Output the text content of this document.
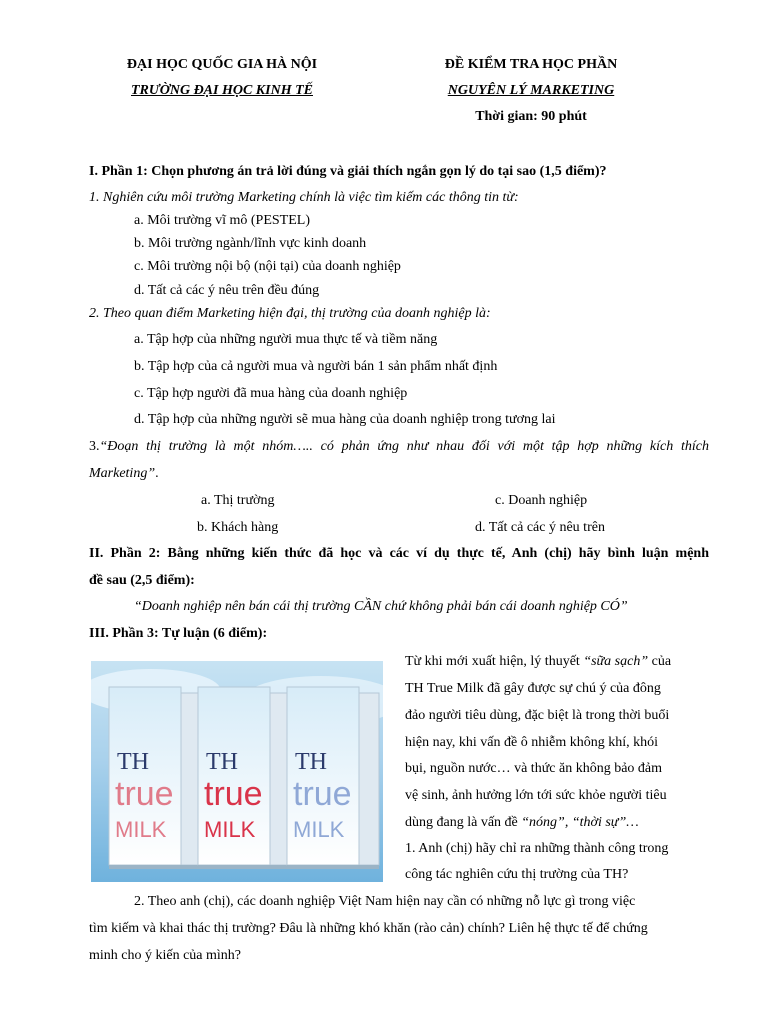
ĐẠI HỌC QUỐC GIA HÀ NỘI
TRƯỜNG ĐẠI HỌC KINH TẾ
ĐỀ KIỂM TRA HỌC PHẦN
NGUYÊN LÝ MARKETING
Thời gian: 90 phút
I. Phần 1: Chọn phương án trả lời đúng và giải thích ngắn gọn lý do tại sao (1,5 điểm)?
1. Nghiên cứu môi trường Marketing chính là việc tìm kiếm các thông tin từ:
a. Môi trường vĩ mô (PESTEL)
b. Môi trường ngành/lĩnh vực kinh doanh
c. Môi trường nội bộ (nội tại) của doanh nghiệp
d. Tất cả các ý nêu trên đều đúng
2. Theo quan điểm Marketing hiện đại, thị trường của doanh nghiệp là:
a. Tập hợp của những người mua thực tế và tiềm năng
b. Tập hợp của cả người mua và người bán 1 sản phẩm nhất định
c. Tập hợp người đã mua hàng của doanh nghiệp
d. Tập hợp của những người sẽ mua hàng của doanh nghiệp trong tương lai
3.“Đoạn thị trường là một nhóm….. có phản ứng như nhau đối với một tập hợp những kích thích
Marketing”.
a. Thị trường	c. Doanh nghiệp
b. Khách hàng	d. Tất cả các ý nêu trên
II. Phần 2: Bằng những kiến thức đã học và các ví dụ thực tế, Anh (chị) hãy bình luận mệnh
đề sau (2,5 điểm):
“Doanh nghiệp nên bán cái thị trường CẦN chứ không phải bán cái doanh nghiệp CÓ”
III. Phần 3: Tự luận (6 điểm):
TH
true
MILK
TH
true
MILK
TH
true
MILK
Từ khi mới xuất hiện, lý thuyết “sữa sạch” của
TH True Milk đã gây được sự chú ý của đông
đảo người tiêu dùng, đặc biệt là trong thời buổi
hiện nay, khi vấn đề ô nhiễm không khí, khói
bụi, nguồn nước… và thức ăn không bảo đảm
vệ sinh, ảnh hưởng lớn tới sức khỏe người tiêu
dùng đang là vấn đề “nóng”, “thời sự”…
1. Anh (chị) hãy chỉ ra những thành công trong
công tác nghiên cứu thị trường của TH?
2. Theo anh (chị), các doanh nghiệp Việt Nam hiện nay cần có những nỗ lực gì trong việc
tìm kiếm và khai thác thị trường? Đâu là những khó khăn (rào cản) chính? Liên hệ thực tế để chứng
minh cho ý kiến của mình?
